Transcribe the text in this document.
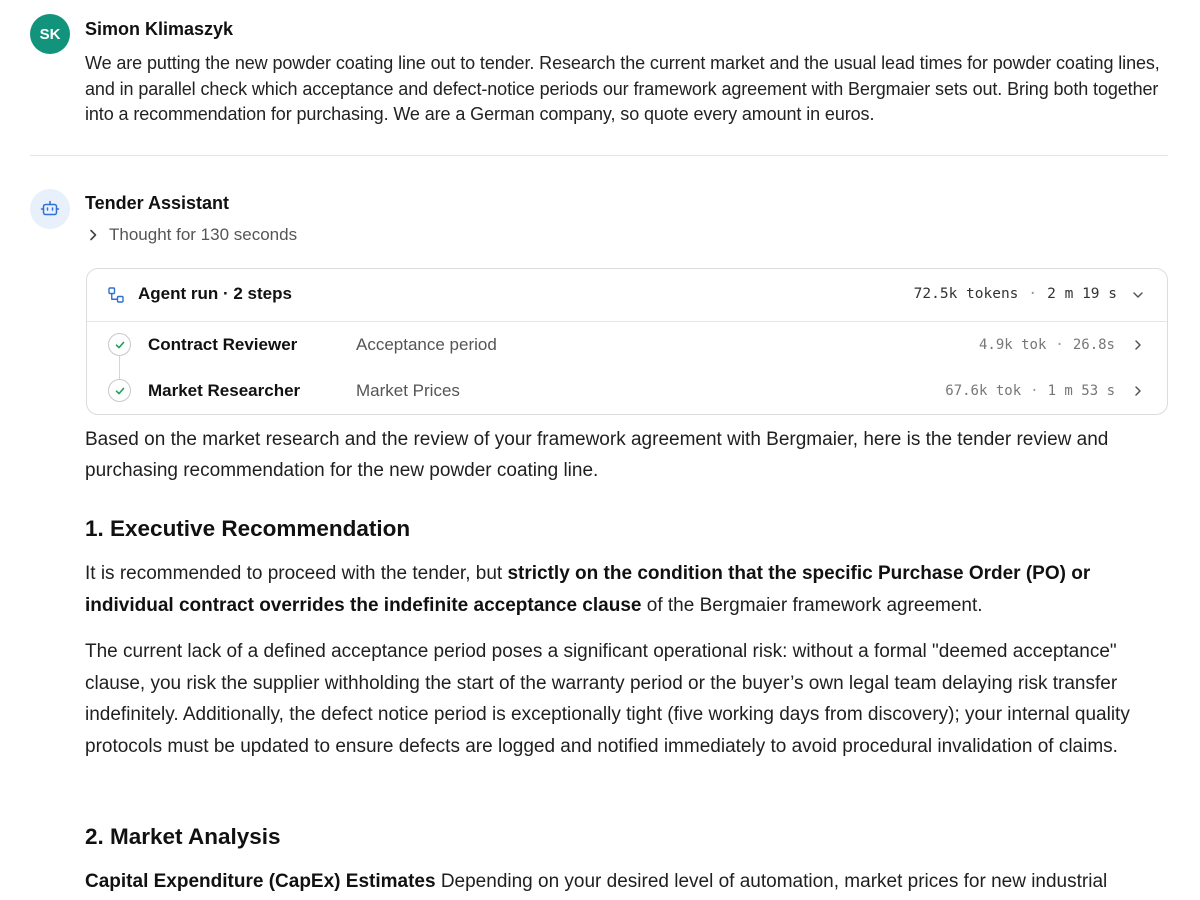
SK	Simon Klimaszyk
We are putting the new powder coating line out to tender. Research the current market and the usual lead times for powder coating lines, and in parallel check which acceptance and defect-notice periods our framework agreement with Bergmaier sets out. Bring both together into a recommendation for purchasing. We are a German company, so quote every amount in euros.
Tender Assistant
Thought for 130 seconds
Agent run · 2 steps	72.5k tokens · 2 m 19 s
Contract Reviewer	Acceptance period	4.9k tok · 26.8s
Market Researcher	Market Prices	67.6k tok · 1 m 53 s
Based on the market research and the review of your framework agreement with Bergmaier, here is the tender review and purchasing recommendation for the new powder coating line.
1. Executive Recommendation
It is recommended to proceed with the tender, but strictly on the condition that the specific Purchase Order (PO) or individual contract overrides the indefinite acceptance clause of the Bergmaier framework agreement.
The current lack of a defined acceptance period poses a significant operational risk: without a formal "deemed acceptance" clause, you risk the supplier withholding the start of the warranty period or the buyer’s own legal team delaying risk transfer indefinitely. Additionally, the defect notice period is exceptionally tight (five working days from discovery); your internal quality protocols must be updated to ensure defects are logged and notified immediately to avoid procedural invalidation of claims.
2. Market Analysis
Capital Expenditure (CapEx) Estimates Depending on your desired level of automation, market prices for new industrial
